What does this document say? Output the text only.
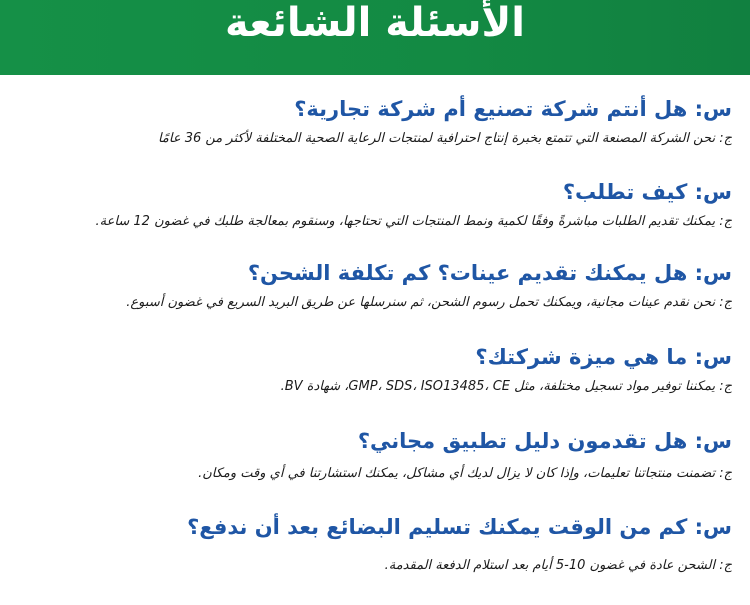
الأسئلة الشائعة
س: هل أنتم شركة تصنيع أم شركة تجارية؟
ج: نحن الشركة المصنعة التي تتمتع بخبرة إنتاج احترافية لمنتجات الرعاية الصحية المختلفة لأكثر من 36 عامًا
س: كيف تطلب؟
ج: يمكنك تقديم الطلبات مباشرةً وفقًا لكمية ونمط المنتجات التي تحتاجها، وسنقوم بمعالجة طلبك في غضون 12 ساعة.
س: هل يمكنك تقديم عينات؟ كم تكلفة الشحن؟
ج: نحن نقدم عينات مجانية، ويمكنك تحمل رسوم الشحن، ثم سنرسلها عن طريق البريد السريع في غضون أسبوع.
س: ما هي ميزة شركتك؟
ج: يمكننا توفير مواد تسجيل مختلفة، مثل GMP، SDS، ISO13485، CE، شهادة BV.
س: هل تقدمون دليل تطبيق مجاني؟
ج: تضمنت منتجاتنا تعليمات، وإذا كان لا يزال لديك أي مشاكل، يمكنك استشارتنا في أي وقت ومكان.
س: كم من الوقت يمكنك تسليم البضائع بعد أن ندفع؟
ج: الشحن عادة في غضون 10-5 أيام بعد استلام الدفعة المقدمة.
